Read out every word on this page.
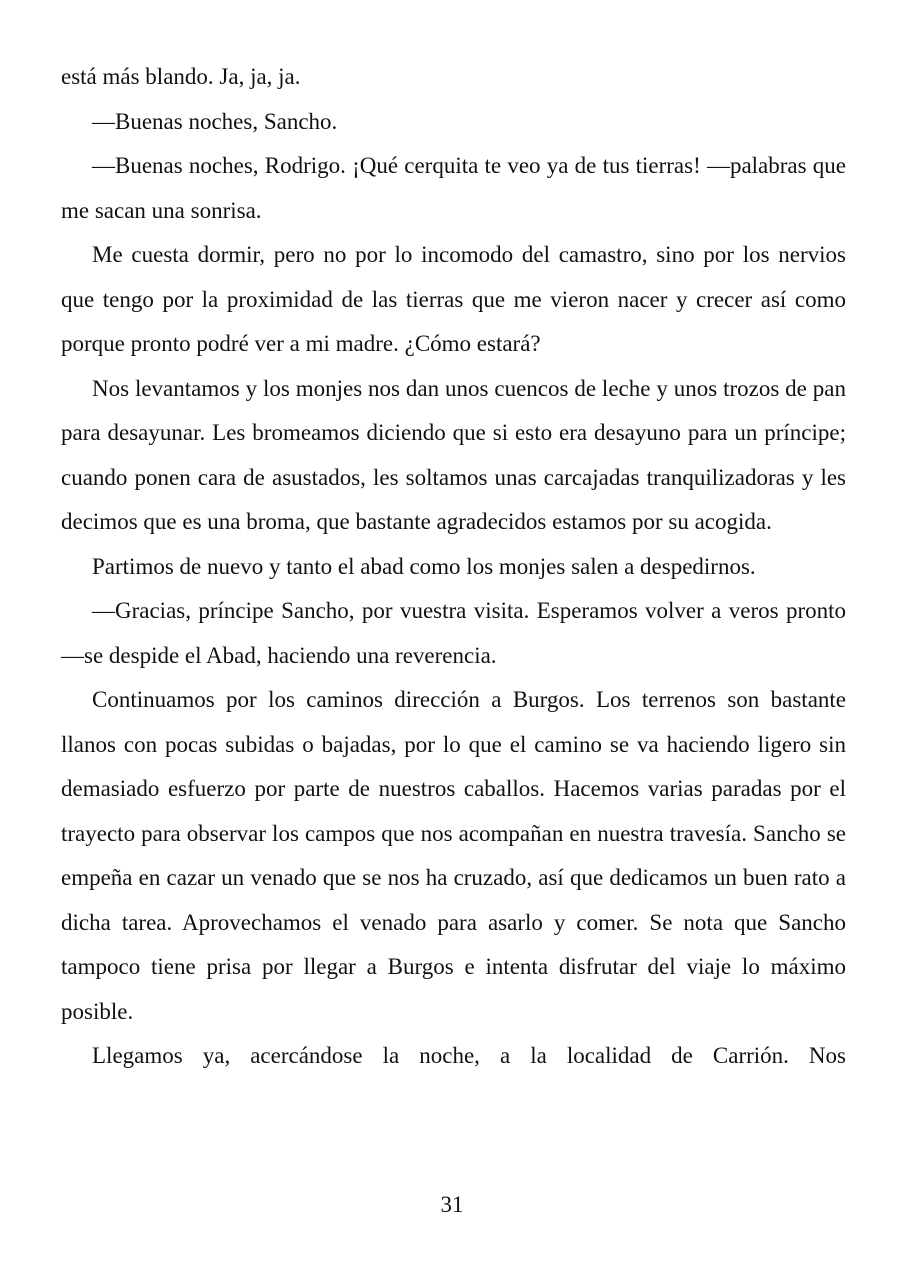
está más blando. Ja, ja, ja.

—Buenas noches, Sancho.

—Buenas noches, Rodrigo. ¡Qué cerquita te veo ya de tus tierras! —palabras que me sacan una sonrisa.

Me cuesta dormir, pero no por lo incomodo del camastro, sino por los nervios que tengo por la proximidad de las tierras que me vieron nacer y crecer así como porque pronto podré ver a mi madre. ¿Cómo estará?

Nos levantamos y los monjes nos dan unos cuencos de leche y unos trozos de pan para desayunar. Les bromeamos diciendo que si esto era desayuno para un príncipe; cuando ponen cara de asustados, les soltamos unas carcajadas tranquilizadoras y les decimos que es una broma, que bastante agradecidos estamos por su acogida.

Partimos de nuevo y tanto el abad como los monjes salen a despedirnos.

—Gracias, príncipe Sancho, por vuestra visita. Esperamos volver a veros pronto —se despide el Abad, haciendo una reverencia.

Continuamos por los caminos dirección a Burgos. Los terrenos son bastante llanos con pocas subidas o bajadas, por lo que el camino se va haciendo ligero sin demasiado esfuerzo por parte de nuestros caballos. Hacemos varias paradas por el trayecto para observar los campos que nos acompañan en nuestra travesía. Sancho se empeña en cazar un venado que se nos ha cruzado, así que dedicamos un buen rato a dicha tarea. Aprovechamos el venado para asarlo y comer. Se nota que Sancho tampoco tiene prisa por llegar a Burgos e intenta disfrutar del viaje lo máximo posible.

Llegamos ya, acercándose la noche, a la localidad de Carrión. Nos

31
